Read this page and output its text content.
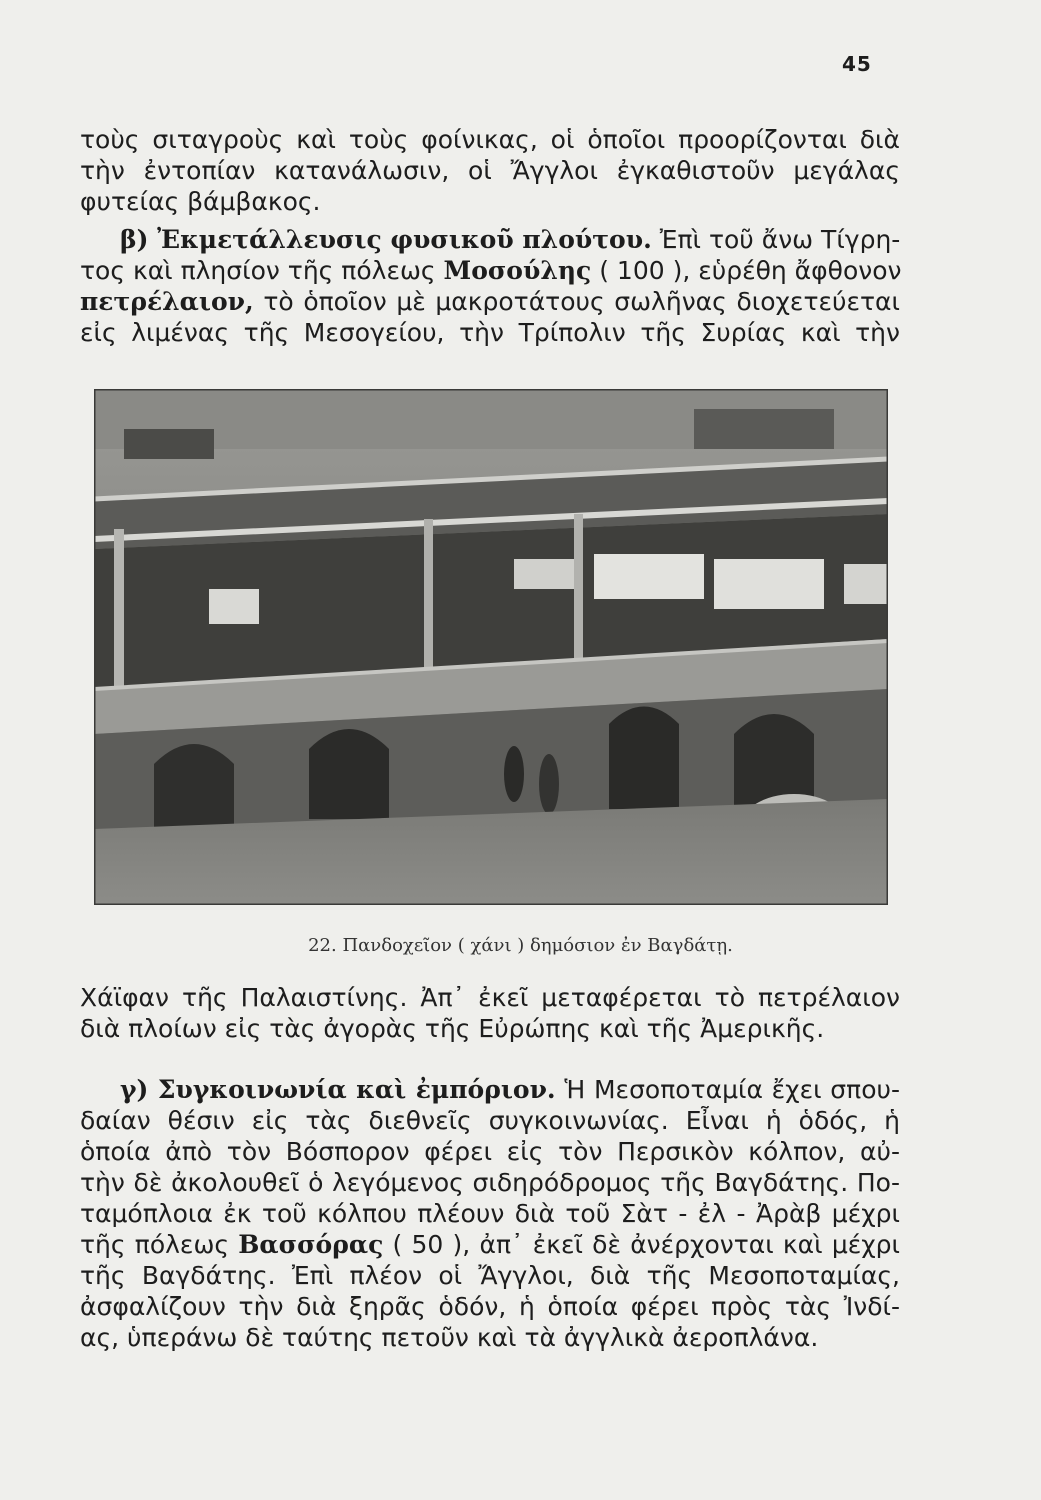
45
τοὺς σιταγροὺς καὶ τοὺς φοίνικας, οἱ ὁποῖοι προορίζονται διὰ
τὴν ἐντοπίαν κατανάλωσιν, οἱ Ἄγγλοι ἐγκαθιστοῦν μεγάλας
φυτείας βάμβακος.
β) Ἐκμετάλλευσις φυσικοῦ πλούτου. Ἐπὶ τοῦ ἄνω Τίγρη-
τος καὶ πλησίον τῆς πόλεως Μοσούλης ( 100 ), εὑρέθη ἄφθονον
πετρέλαιον, τὸ ὁποῖον μὲ μακροτάτους σωλῆνας διοχετεύεται
εἰς λιμένας τῆς Μεσογείου, τὴν Τρίπολιν τῆς Συρίας καὶ τὴν
22. Πανδοχεῖον ( χάνι ) δημόσιον ἐν Βαγδάτῃ.
Χάϊφαν τῆς Παλαιστίνης. Ἀπ᾽ ἐκεῖ μεταφέρεται τὸ πετρέλαιον
διὰ πλοίων εἰς τὰς ἀγορὰς τῆς Εὐρώπης καὶ τῆς Ἀμερικῆς.
γ) Συγκοινωνία καὶ ἐμπόριον. Ἡ Μεσοποταμία ἔχει σπου-
δαίαν θέσιν εἰς τὰς διεθνεῖς συγκοινωνίας. Εἶναι ἡ ὁδός, ἡ
ὁποία ἀπὸ τὸν Βόσπορον φέρει εἰς τὸν Περσικὸν κόλπον, αὐ-
τὴν δὲ ἀκολουθεῖ ὁ λεγόμενος σιδηρόδρομος τῆς Βαγδάτης. Πο-
ταμόπλοια ἐκ τοῦ κόλπου πλέουν διὰ τοῦ Σὰτ - ἐλ - Ἀρὰβ μέχρι
τῆς πόλεως Βασσόρας ( 50 ), ἀπ᾽ ἐκεῖ δὲ ἀνέρχονται καὶ μέχρι
τῆς Βαγδάτης. Ἐπὶ πλέον οἱ Ἄγγλοι, διὰ τῆς Μεσοποταμίας,
ἀσφαλίζουν τὴν διὰ ξηρᾶς ὁδόν, ἡ ὁποία φέρει πρὸς τὰς Ἰνδί-
ας, ὑπεράνω δὲ ταύτης πετοῦν καὶ τὰ ἀγγλικὰ ἀεροπλάνα.
